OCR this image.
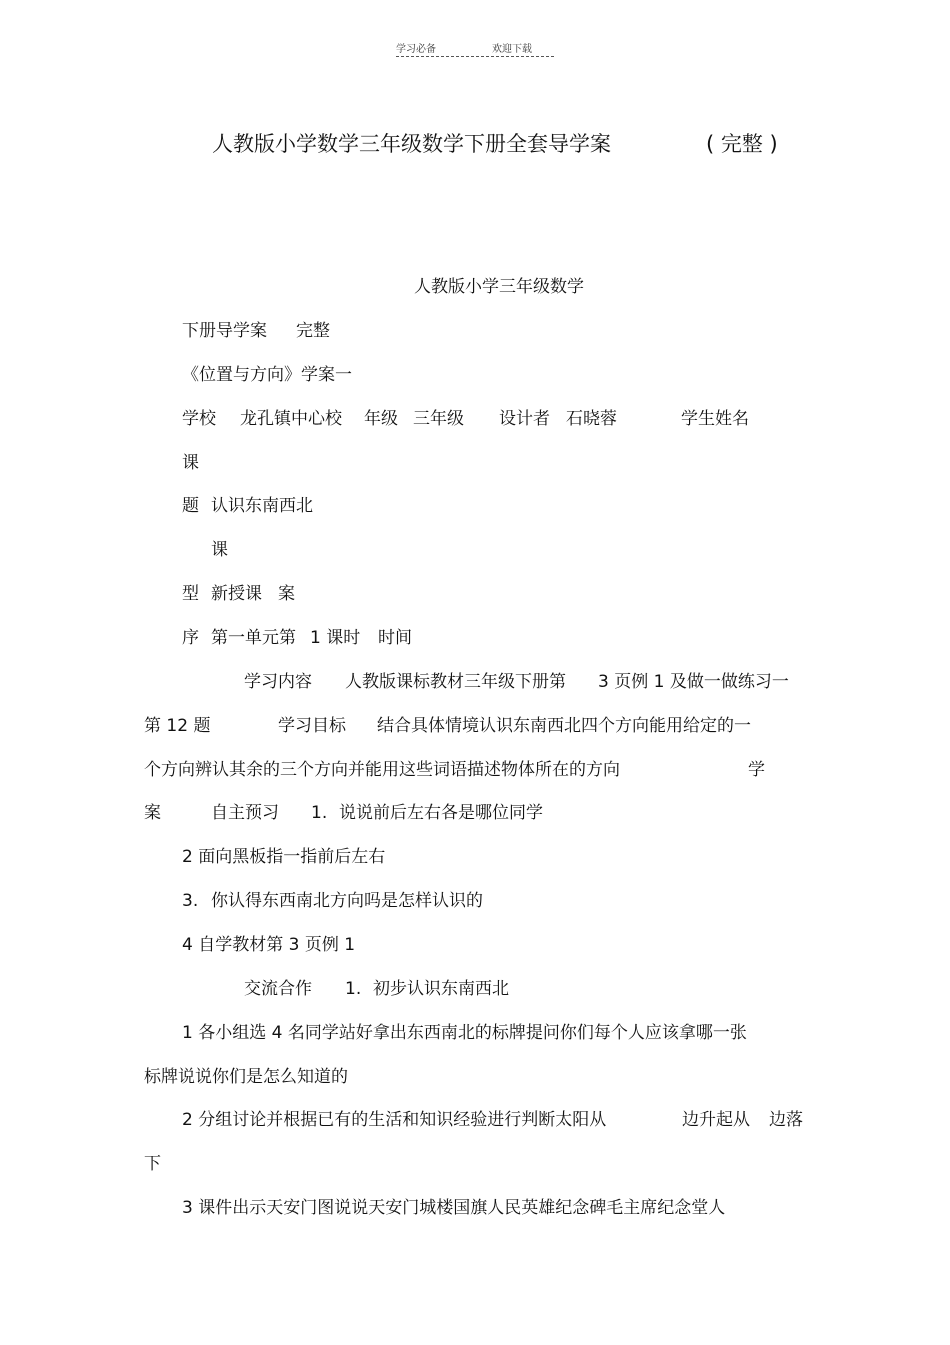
学习必备	欢迎下载
人教版小学数学三年级数学下册全套导学案	( 完整 )
人教版小学三年级数学
下册导学案 完整
《位置与方向》学案一
学校 龙孔镇中心校 年级 三年级 设计者 石晓蓉	学生姓名
课
题 认识东南西北
课
型 新授课 案
序 第一单元第 1 课时 时间
学习内容 人教版课标教材三年级下册第 3 页例 1 及做一做练习一
第 12 题	学习目标 结合具体情境认识东南西北四个方向能用给定的一
个方向辨认其余的三个方向并能用这些词语描述物体所在的方向	学
案	自主预习 1. 说说前后左右各是哪位同学
2 面向黑板指一指前后左右
3. 你认得东西南北方向吗是怎样认识的
4 自学教材第 3 页例 1
交流合作 1. 初步认识东南西北
1 各小组选 4 名同学站好拿出东西南北的标牌提问你们每个人应该拿哪一张
标牌说说你们是怎么知道的
2 分组讨论并根据已有的生活和知识经验进行判断太阳从	边升起从 边落
下
3 课件出示天安门图说说天安门城楼国旗人民英雄纪念碑毛主席纪念堂人
